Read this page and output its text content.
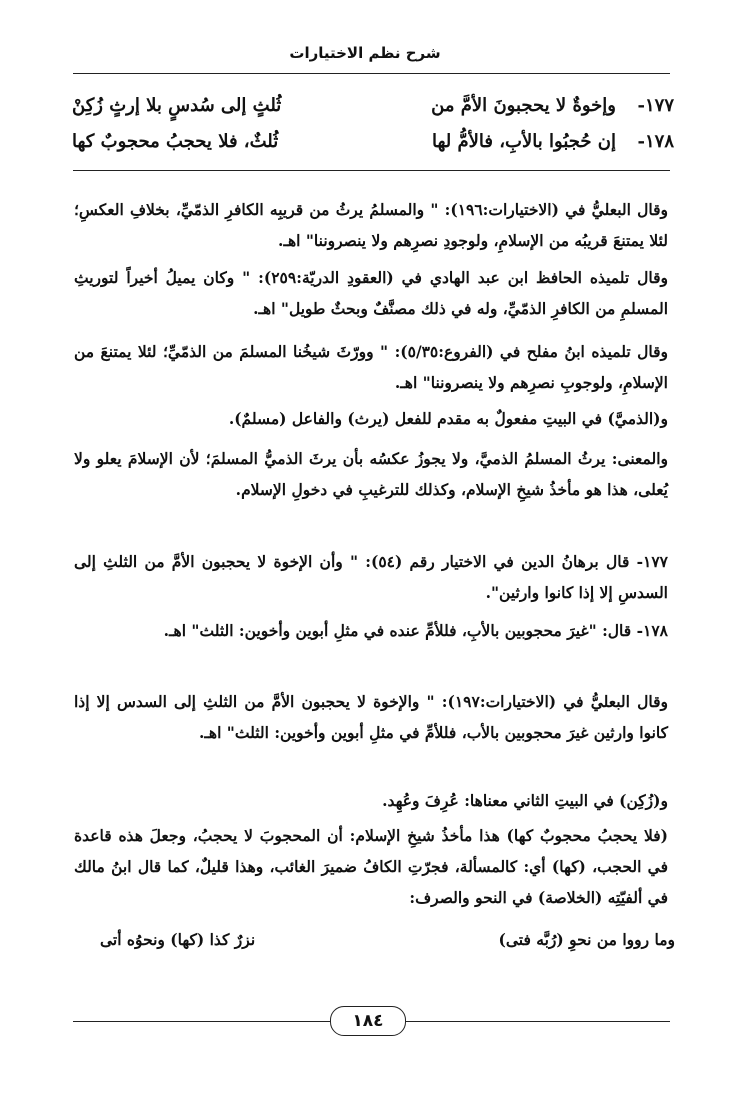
شرح نظم الاختيارات
١٧٧-
وإخوةٌ لا يحجبونَ الأمَّ من
ثُلثٍ إلى سُدسٍ بلا إرثٍ زُكِنْ
١٧٨-
إن حُجبُوا بالأبِ، فالأمُّ لها
ثُلثٌ، فلا يحجبُ محجوبٌ كها

وقال البعليُّ في (الاختيارات:١٩٦): " والمسلمُ يرثُ من قريبِه الكافرِ الذمّيِّ، بخلافِ العكسِ؛ لئلا يمتنعَ قريبُه من الإسلامِ، ولوجودِ نصرِهم ولا ينصروننا" اهـ.

وقال تلميذه الحافظ ابن عبد الهادي في (العقودِ الدريّة:٢٥٩): " وكان يميلُ أخيراً لتوريثِ المسلمِ من الكافرِ الذمّيِّ، وله في ذلك مصنَّفٌ وبحثٌ طويل" اهـ.

وقال تلميذه ابنُ مفلح في (الفروع:٥/٣٥): " وورّثَ شيخُنا المسلمَ من الذمّيِّ؛ لئلا يمتنعَ من الإسلامِ، ولوجوبِ نصرِهم ولا ينصروننا" اهـ.

و(الذميَّ) في البيتِ مفعولٌ به مقدم للفعل (يرث) والفاعل (مسلمٌ).

والمعنى: يرثُ المسلمُ الذميَّ، ولا يجوزُ عكسُه بأن يرثَ الذميُّ المسلمَ؛ لأن الإسلامَ يعلو ولا يُعلى، هذا هو مأخذُ شيخِ الإسلام، وكذلك للترغيبِ في دخولِ الإسلام.

١٧٧- قال برهانُ الدين في الاختيار رقم (٥٤): " وأن الإخوة لا يحجبون الأمَّ من الثلثِ إلى السدسِ إلا إذا كانوا وارثين".

١٧٨- قال: "غيرَ محجوبين بالأبِ، فللأمِّ عنده في مثلِ أبوين وأخوين: الثلث" اهـ.

وقال البعليُّ في (الاختيارات:١٩٧): " والإخوة لا يحجبون الأمَّ من الثلثِ إلى السدس إلا إذا كانوا وارثين غيرَ محجوبين بالأب، فللأمِّ في مثلِ أبوين وأخوين: الثلث" اهـ.

و(زُكِن) في البيتِ الثاني معناها: عُرِفَ وعُهِد.

(فلا يحجبُ محجوبٌ كها) هذا مأخذُ شيخِ الإسلام: أن المحجوبَ لا يحجبُ، وجعلَ هذه قاعدة في الحجب، (كها) أي: كالمسألة، فجرّتِ الكافُ ضميرَ الغائب، وهذا قليلٌ، كما قال ابنُ مالك في ألفيّتِه (الخلاصة) في النحو والصرف:

وما رووا من نحوِ (رُبَّه فتى)
نزرٌ كذا (كها) ونحوُه أتى
١٨٤
